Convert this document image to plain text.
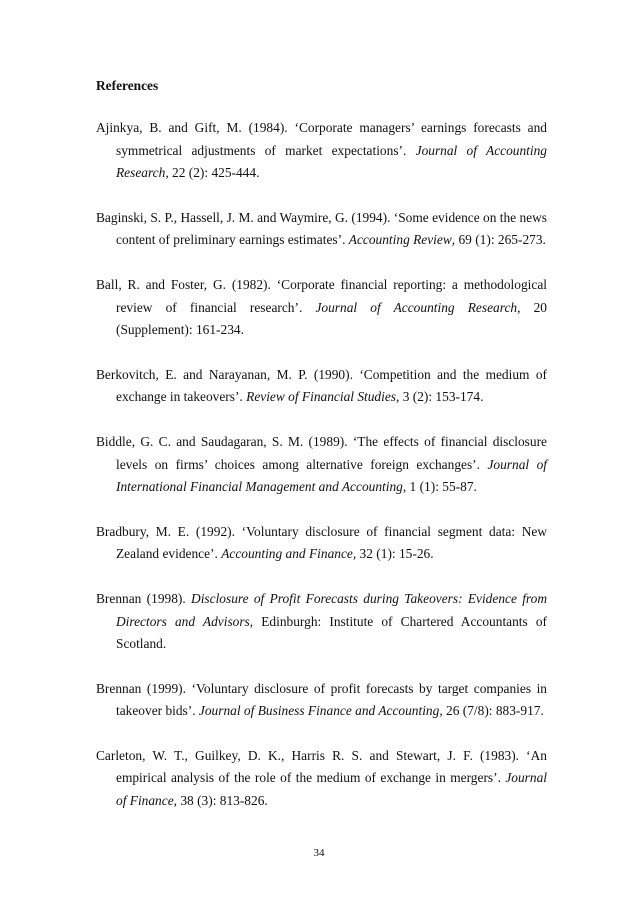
References

Ajinkya, B. and Gift, M. (1984). ‘Corporate managers’ earnings forecasts and symmetrical adjustments of market expectations’. Journal of Accounting Research, 22 (2): 425-444.

Baginski, S. P., Hassell, J. M. and Waymire, G. (1994). ‘Some evidence on the news content of preliminary earnings estimates’. Accounting Review, 69 (1): 265-273.

Ball, R. and Foster, G. (1982). ‘Corporate financial reporting: a methodological review of financial research’. Journal of Accounting Research, 20 (Supplement): 161-234.

Berkovitch, E. and Narayanan, M. P. (1990). ‘Competition and the medium of exchange in takeovers’. Review of Financial Studies, 3 (2): 153-174.

Biddle, G. C. and Saudagaran, S. M. (1989). ‘The effects of financial disclosure levels on firms’ choices among alternative foreign exchanges’. Journal of International Financial Management and Accounting, 1 (1): 55-87.

Bradbury, M. E. (1992). ‘Voluntary disclosure of financial segment data: New Zealand evidence’. Accounting and Finance, 32 (1): 15-26.

Brennan (1998). Disclosure of Profit Forecasts during Takeovers: Evidence from Directors and Advisors, Edinburgh: Institute of Chartered Accountants of Scotland.

Brennan (1999). ‘Voluntary disclosure of profit forecasts by target companies in takeover bids’. Journal of Business Finance and Accounting, 26 (7/8): 883-917.

Carleton, W. T., Guilkey, D. K., Harris R. S. and Stewart, J. F. (1983). ‘An empirical analysis of the role of the medium of exchange in mergers’. Journal of Finance, 38 (3): 813-826.

34
